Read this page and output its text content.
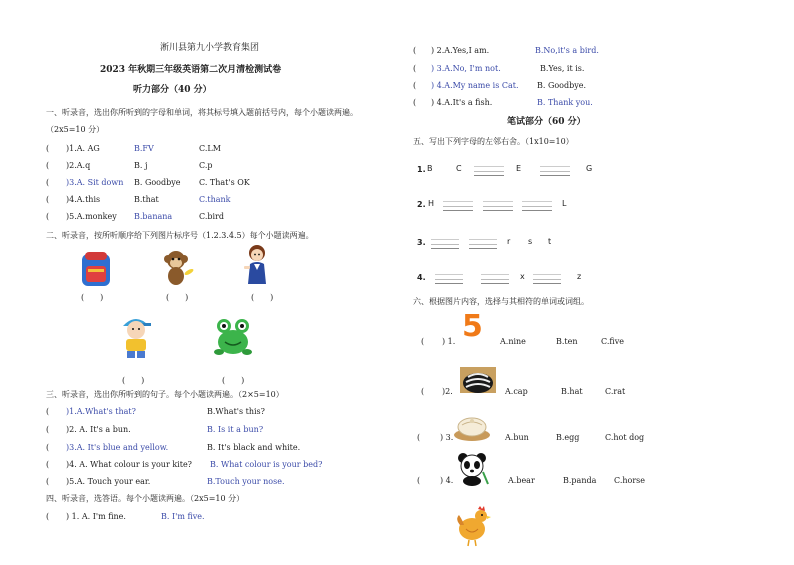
淅川县第九小学教育集团
2023 年秋期三年级英语第二次月清检测试卷
听力部分（40 分）
一、听录音，选出你所听到的字母和单词，将其标号填入题前括号内，每个小题读两遍。
（2x5=10 分）
( )1.A. AG	B.FV	C.LM
( )2.A.q	B. j	C.p
( )3.A. Sit down B. Goodbye C. That's OK
( )4.A.this	B.that	C.thank
( )5.A.monkey B.banana	C.bird
二、听录音，按所听顺序给下列图片标序号（1.2.3.4.5）每个小题读两遍。
(　　)	(　　)	(　　)
(　　)	(　　)
三、听录音，选出你所听到的句子。每个小题读两遍。（2×5=10）
( )1.A.What's that?	B.What's this?
( )2. A. It's a bun.	B. Is it a bun?
( )3.A. It's blue and yellow.	B. It's black and white.
( )4. A. What colour is your kite? B. What colour is your bed?
( )5.A. Touch your ear.	B.Touch your nose.
四、听录音，选答语。每个小题读两遍。（2x5=10 分）
( ) 1. A. I'm fine.	B. I'm five.
( ) 2.A.Yes,I am.	B.No,it's a bird.
( ) 3.A.No, I'm not.	B.Yes, it is.
( ) 4.A.My name is Cat. B. Goodbye.
( ) 4.A.It's a fish.	B. Thank you.
笔试部分（60 分）
五、写出下列字母的左邻右舍。（1x10=10）
1. B	C	E	G
2. H	L
3.	r s t
4.	x	z
六、根据图片内容，选择与其相符的单词或词组。
5
( ) 1.	A.nine	B.ten	C.five
( )2.	A.cap	B.hat	C.rat
( ) 3.	A.bun	B.egg	C.hot dog
( ) 4.	A.bear	B.panda C.horse
